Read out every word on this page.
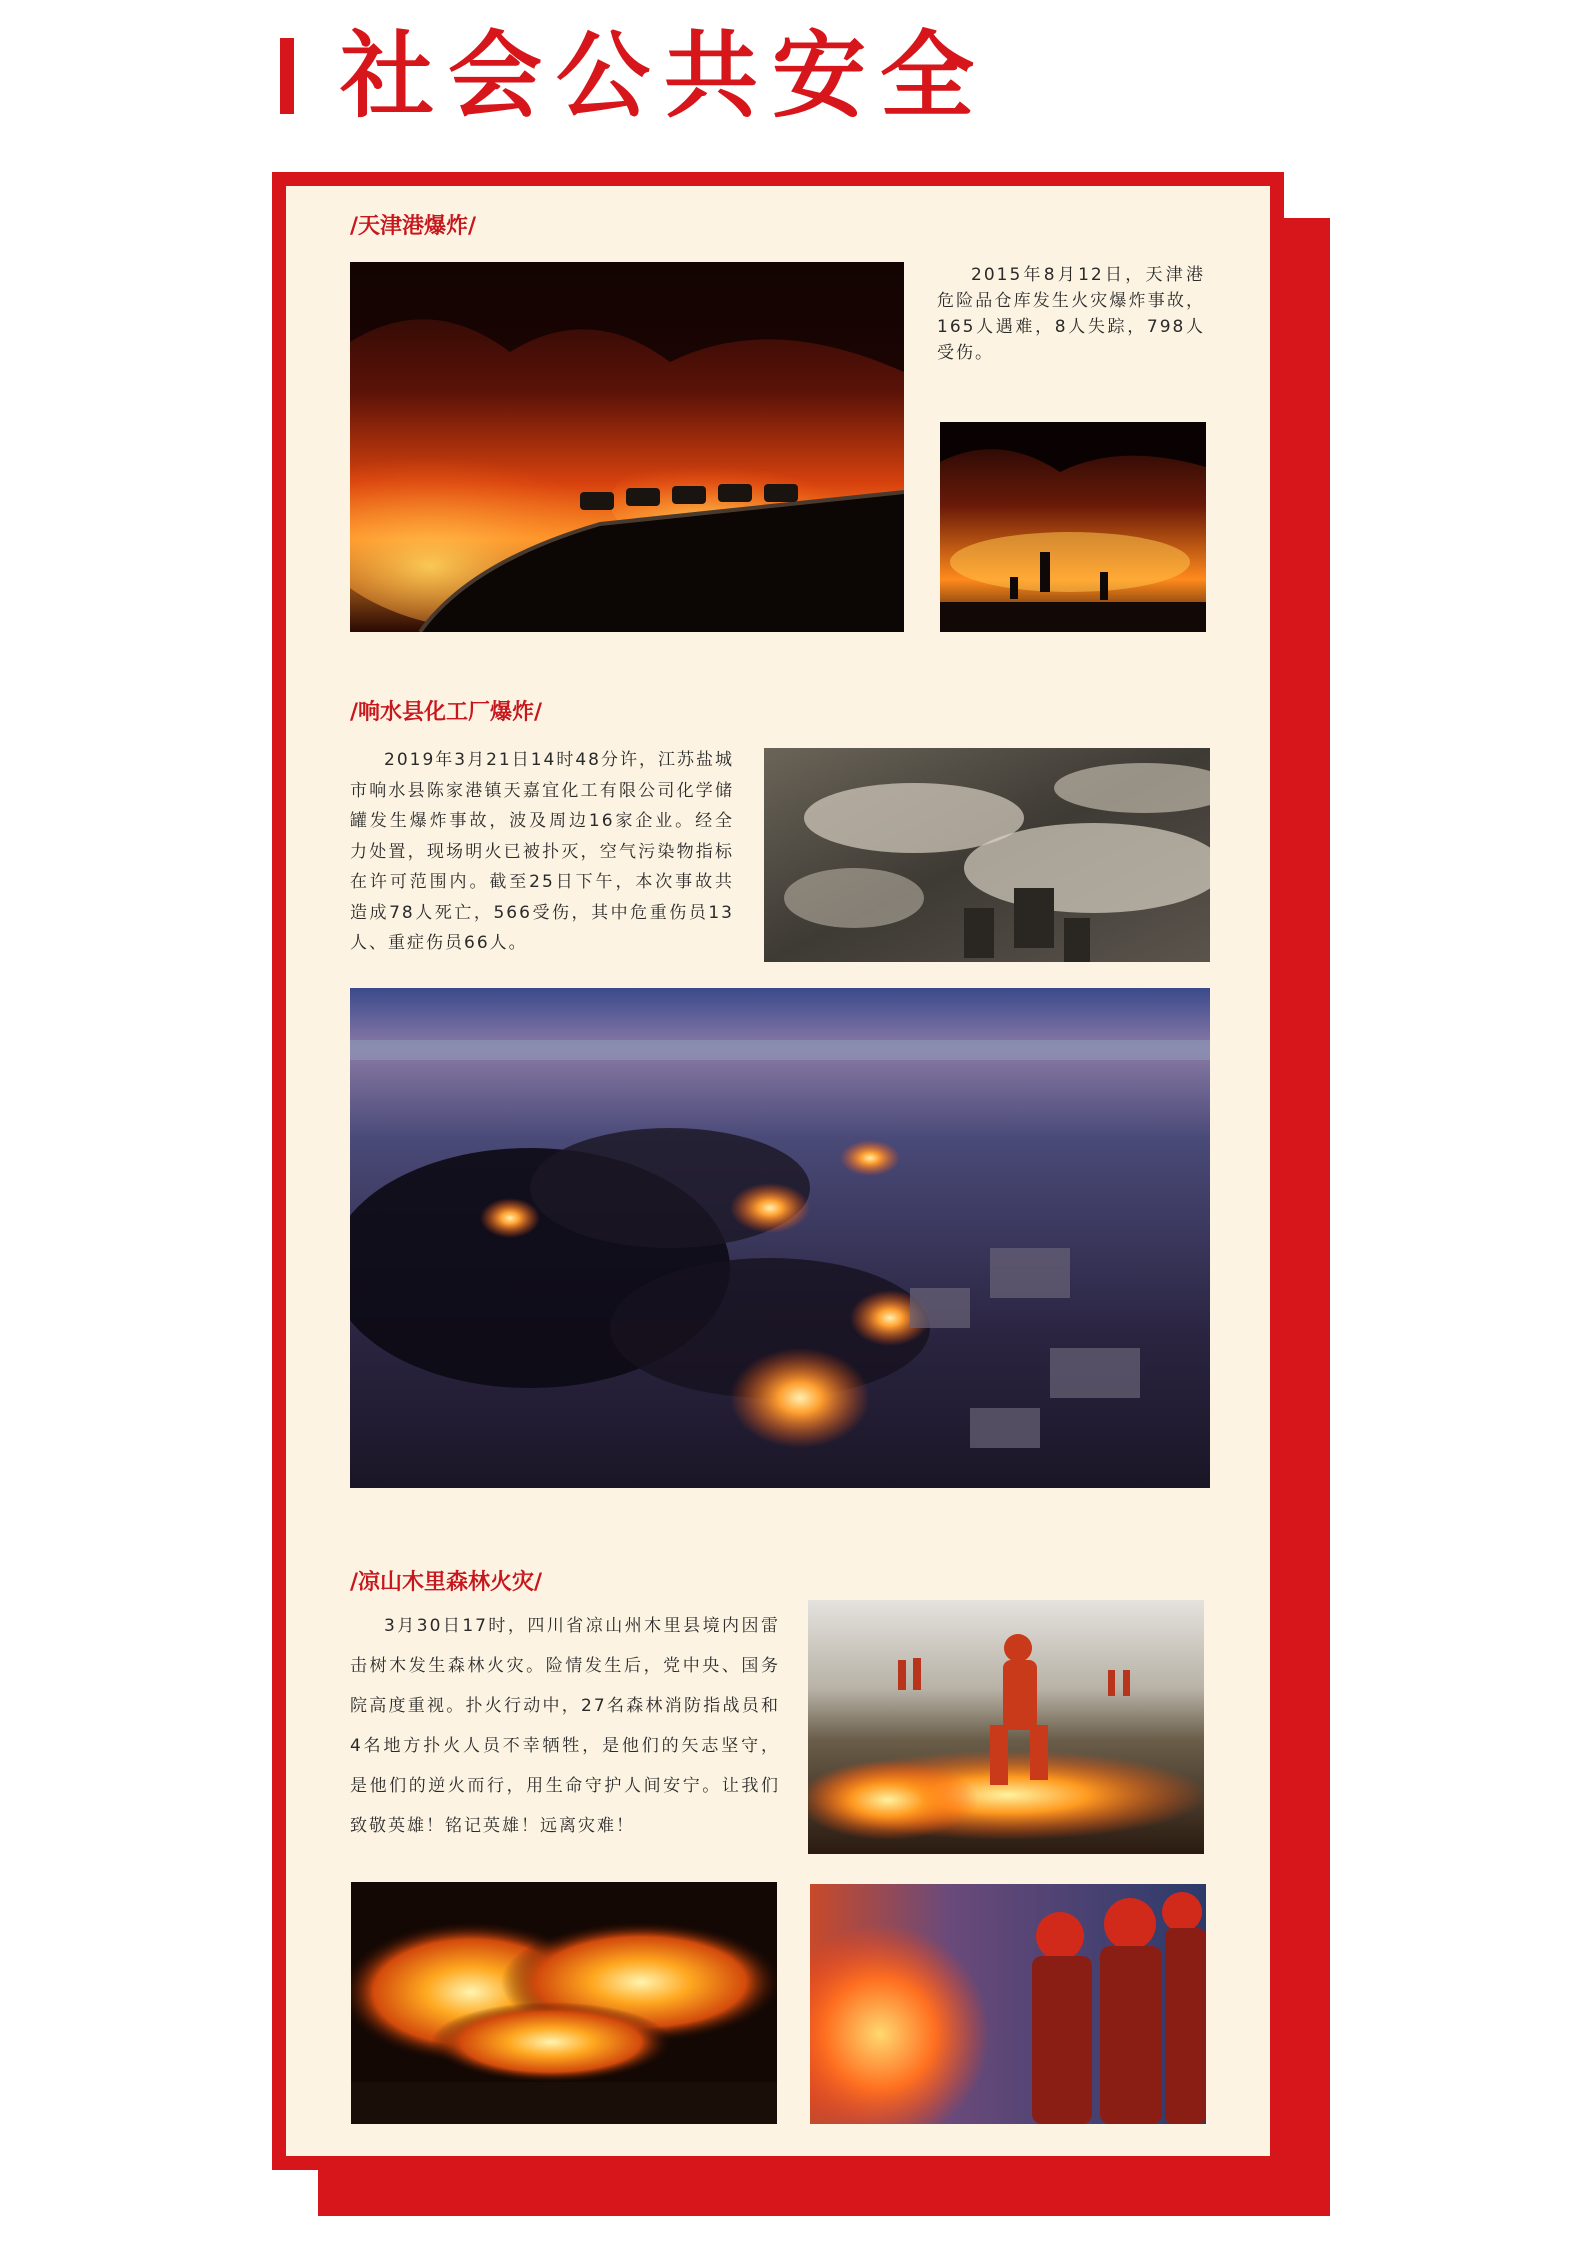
社会公共安全
/天津港爆炸/

2015年8月12日，天津港危险品仓库发生火灾爆炸事故，165人遇难，8人失踪，798人受伤。

/响水县化工厂爆炸/

2019年3月21日14时48分许，江苏盐城市响水县陈家港镇天嘉宜化工有限公司化学储罐发生爆炸事故，波及周边16家企业。经全力处置，现场明火已被扑灭，空气污染物指标在许可范围内。截至25日下午，本次事故共造成78人死亡，566受伤，其中危重伤员13人、重症伤员66人。

/凉山木里森林火灾/

3月30日17时，四川省凉山州木里县境内因雷击树木发生森林火灾。险情发生后，党中央、国务院高度重视。扑火行动中，27名森林消防指战员和4名地方扑火人员不幸牺牲，是他们的矢志坚守，是他们的逆火而行，用生命守护人间安宁。让我们致敬英雄！铭记英雄！远离灾难！
